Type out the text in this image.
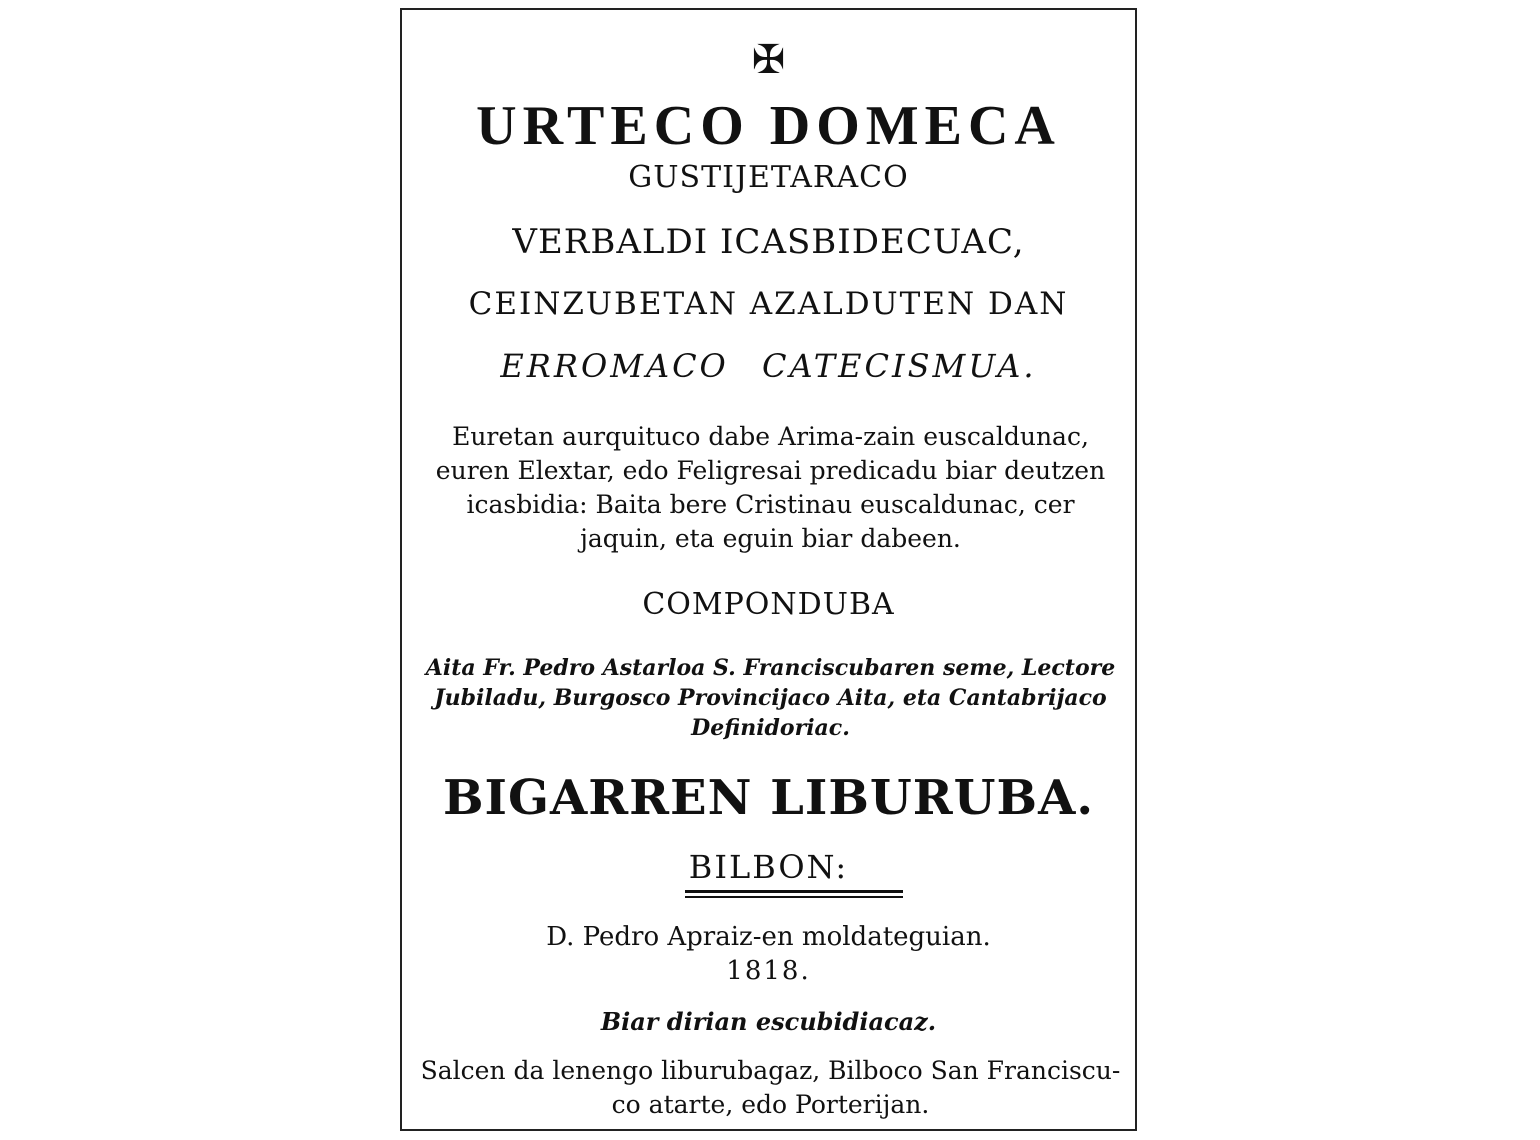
✠
URTECO DOMECA
GUSTIJETARACO
VERBALDI ICASBIDECUAC,
CEINZUBETAN AZALDUTEN DAN
ERROMACO CATECISMUA.
Euretan aurquituco dabe Arima-zain euscaldunac, euren Elextar, edo Feligresai predicadu biar deutzen icasbidia: Baita bere Cristinau euscaldunac, cer jaquin, eta eguin biar dabeen.
COMPONDUBA
Aita Fr. Pedro Astarloa S. Franciscubaren seme, Lectore Jubiladu, Burgosco Provincijaco Aita, eta Cantabrijaco Definidoriac.
BIGARREN LIBURUBA.
BILBON:
D. Pedro Apraiz-en moldateguian.
1818.
Biar dirian escubidiacaz.
Salcen da lenengo liburubagaz, Bilboco San Franciscu-co atarte, edo Porterijan.
